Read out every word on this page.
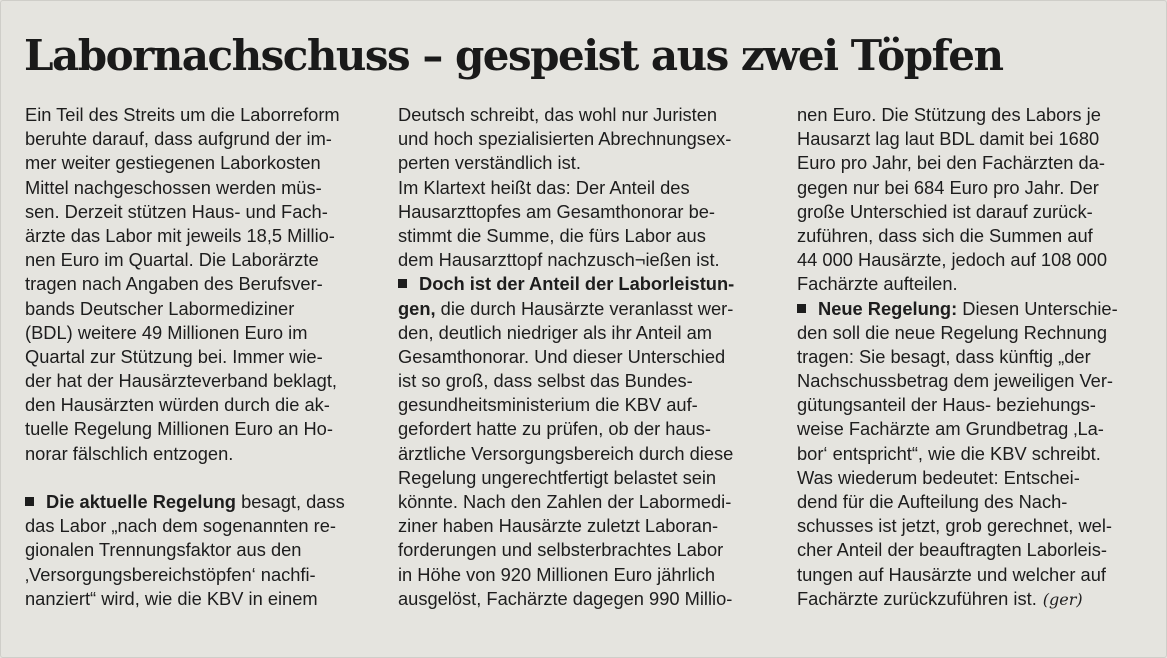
Labornachschuss – gespeist aus zwei Töpfen
Ein Teil des Streits um die Laborreform
beruhte darauf, dass aufgrund der im-
mer weiter gestiegenen Laborkosten
Mittel nachgeschossen werden müs-
sen. Derzeit stützen Haus- und Fach-
ärzte das Labor mit jeweils 18,5 Millio-
nen Euro im Quartal. Die Laborärzte
tragen nach Angaben des Berufsver-
bands Deutscher Labormediziner
(BDL) weitere 49 Millionen Euro im
Quartal zur Stützung bei. Immer wie-
der hat der Hausärzteverband beklagt,
den Hausärzten würden durch die ak-
tuelle Regelung Millionen Euro an Ho-
norar fälschlich entzogen.
Die aktuelle Regelung besagt, dass
das Labor „nach dem sogenannten re-
gionalen Trennungsfaktor aus den
‚Versorgungsbereichstöpfen‘ nachfi-
nanziert“ wird, wie die KBV in einem
Deutsch schreibt, das wohl nur Juristen
und hoch spezialisierten Abrechnungsex-
perten verständlich ist.
Im Klartext heißt das: Der Anteil des
Hausarzttopfes am Gesamthonorar be-
stimmt die Summe, die fürs Labor aus
dem Hausarzttopf nachzusch¬ießen ist.
Doch ist der Anteil der Laborleistun-
gen, die durch Hausärzte veranlasst wer-
den, deutlich niedriger als ihr Anteil am
Gesamthonorar. Und dieser Unterschied
ist so groß, dass selbst das Bundes-
gesundheitsministerium die KBV auf-
gefordert hatte zu prüfen, ob der haus-
ärztliche Versorgungsbereich durch diese
Regelung ungerechtfertigt belastet sein
könnte. Nach den Zahlen der Labormedi-
ziner haben Hausärzte zuletzt Laboran-
forderungen und selbsterbrachtes Labor
in Höhe von 920 Millionen Euro jährlich
ausgelöst, Fachärzte dagegen 990 Millio-
nen Euro. Die Stützung des Labors je
Hausarzt lag laut BDL damit bei 1680
Euro pro Jahr, bei den Fachärzten da-
gegen nur bei 684 Euro pro Jahr. Der
große Unterschied ist darauf zurück-
zuführen, dass sich die Summen auf
44 000 Hausärzte, jedoch auf 108 000
Fachärzte aufteilen.
Neue Regelung: Diesen Unterschie-
den soll die neue Regelung Rechnung
tragen: Sie besagt, dass künftig „der
Nachschussbetrag dem jeweiligen Ver-
gütungsanteil der Haus- beziehungs-
weise Fachärzte am Grundbetrag ‚La-
bor‘ entspricht“, wie die KBV schreibt.
Was wiederum bedeutet: Entschei-
dend für die Aufteilung des Nach-
schusses ist jetzt, grob gerechnet, wel-
cher Anteil der beauftragten Laborleis-
tungen auf Hausärzte und welcher auf
Fachärzte zurückzuführen ist. (ger)
